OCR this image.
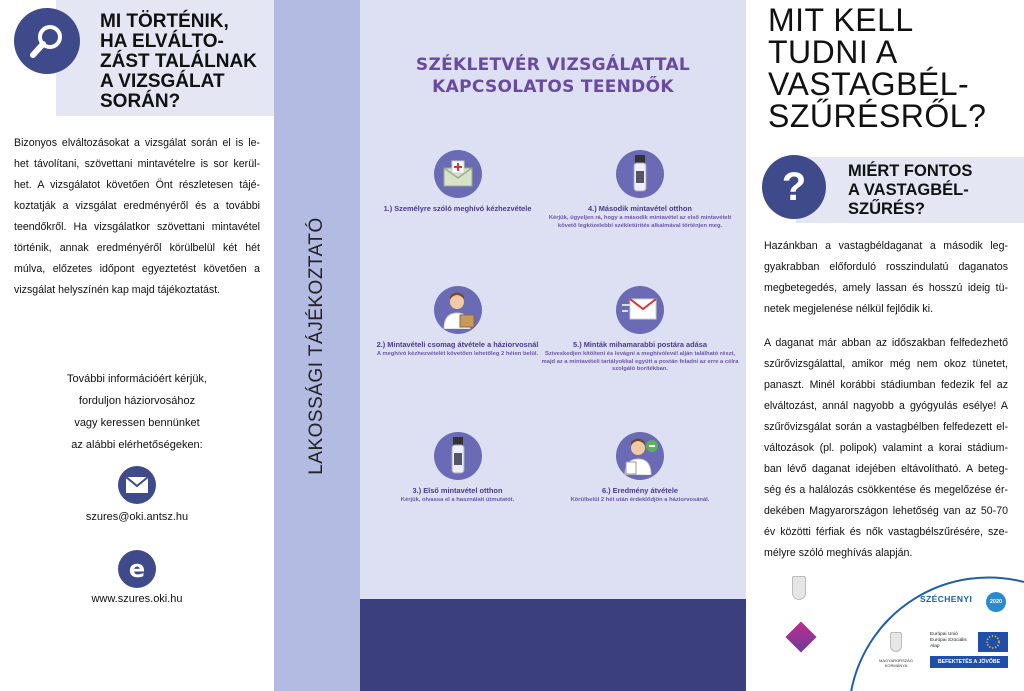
MI TÖRTÉNIK,
HA ELVÁLTO-
ZÁST TALÁLNAK
A VIZSGÁLAT
SORÁN?

Bizonyos elváltozásokat a vizsgálat során el is le-het távolítani, szövettani mintavételre is sor kerül-het. A vizsgálatot követően Önt részletesen tájé-koztatják a vizsgálat eredményéről és a további teendőkről. Ha vizsgálatkor szövettani mintavétel történik, annak eredményéről körülbelül két hét múlva, előzetes időpont egyeztetést követően a vizsgálat helyszínén kap majd tájékoztatást.

További információért kérjük,
forduljon háziorvosához
vagy keressen bennünket
az alábbi elérhetőségeken:
szures@oki.antsz.hu
e
www.szures.oki.hu
LAKOSSÁGI TÁJÉKOZTATÓ
SZÉKLETVÉR VIZSGÁLATTAL
KAPCSOLATOS TEENDŐK
1.) Személyre szóló meghívó kézhezvétele	4.) Második mintavétel otthon
Kérjük, ügyeljen rá, hogy a második mintavétel az első mintavételt követő legközelebbi székletürítés alkalmával történjen meg.
2.) Mintavételi csomag átvétele a háziorvosnál
A meghívó kézhezvételét követően lehetőleg 2 héten belül.
5.) Minták mihamarabbi postára adása
Szíveskedjen kitölteni és levágni a meghívólevél alján található részt, majd az a mintavételi tartályokkal együtt a postán feladni az erre a célra szolgáló borítékban.
3.) Első mintavétel otthon
Kérjük, olvassa el a használati útmutatót.
6.) Eredmény átvétele
Körülbelül 2 hét után érdeklődjön a háziorvosánál.
MIT KELL
TUDNI A
VASTAGBÉL-
SZŰRÉSRŐL?
?	MIÉRT FONTOS
A VASTAGBÉL-
SZŰRÉS?

Hazánkban a vastagbéldaganat a második leg-gyakrabban előforduló rosszindulatú daganatos megbetegedés, amely lassan és hosszú ideig tü-netek megjelenése nélkül fejlődik ki.

A daganat már abban az időszakban felfedezhető szűrővizsgálattal, amikor még nem okoz tünetet, panaszt. Minél korábbi stádiumban fedezik fel az elváltozást, annál nagyobb a gyógyulás esélye! A szűrővizsgálat során a vastagbélben felfedezett el-változások (pl. polipok) valamint a korai stádium-ban lévő daganat idejében eltávolítható. A beteg-ség és a halálozás csökkentése és megelőzése ér-dekében Magyarországon lehetőség van az 50-70 év közötti férfiak és nők vastagbélszűrésére, sze-mélyre szóló meghívás alapján.

SZÉCHENYI	2020
MAGYARORSZÁG KORMÁNYA
Európai Unió
Európai Szociális
Alap
BEFEKTETÉS A JÖVŐBE
